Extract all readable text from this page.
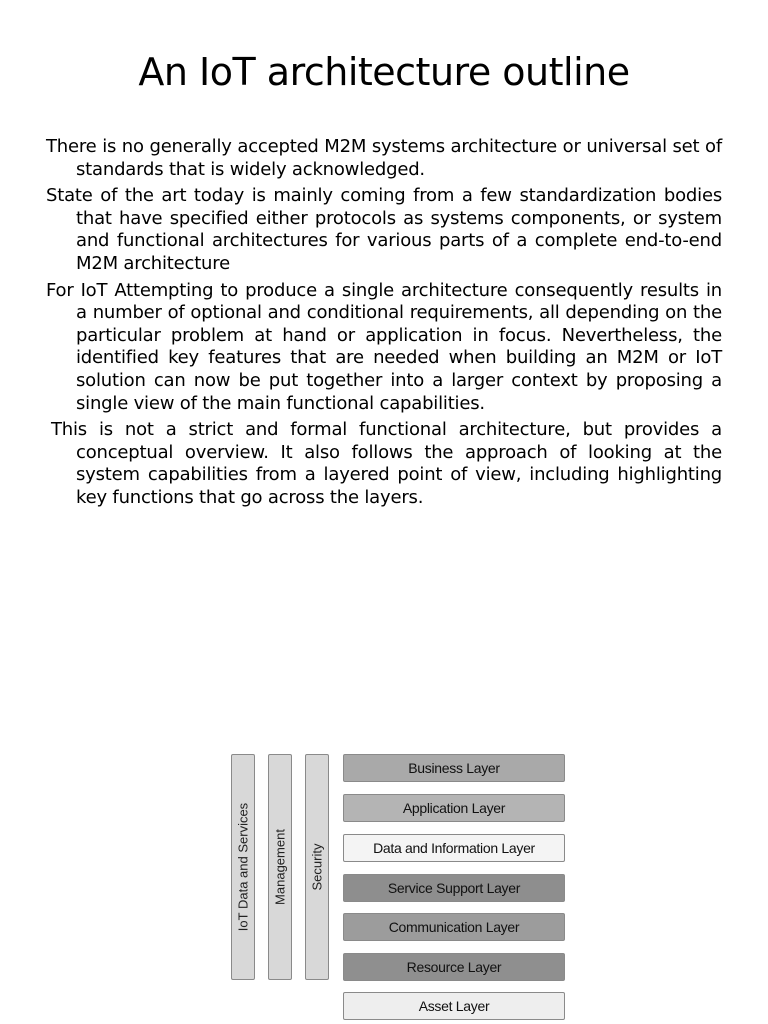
An IoT architecture outline

There is no generally accepted M2M systems architecture or universal set of standards that is widely acknowledged.

State of the art today is mainly coming from a few standardization bodies that have specified either protocols as systems components, or system and functional architectures for various parts of a complete end-to-end M2M architecture

For IoT Attempting to produce a single architecture consequently results in a number of optional and conditional requirements, all depending on the particular problem at hand or application in focus. Nevertheless, the identified key features that are needed when building an M2M or IoT solution can now be put together into a larger context by proposing a single view of the main functional capabilities.

This is not a strict and formal functional architecture, but provides a conceptual overview. It also follows the approach of looking at the system capabilities from a layered point of view, including highlighting key functions that go across the layers.

IoT Data and Services Management Security
Business Layer
Application Layer
Data and Information Layer
Service Support Layer
Communication Layer
Resource Layer
Asset Layer
